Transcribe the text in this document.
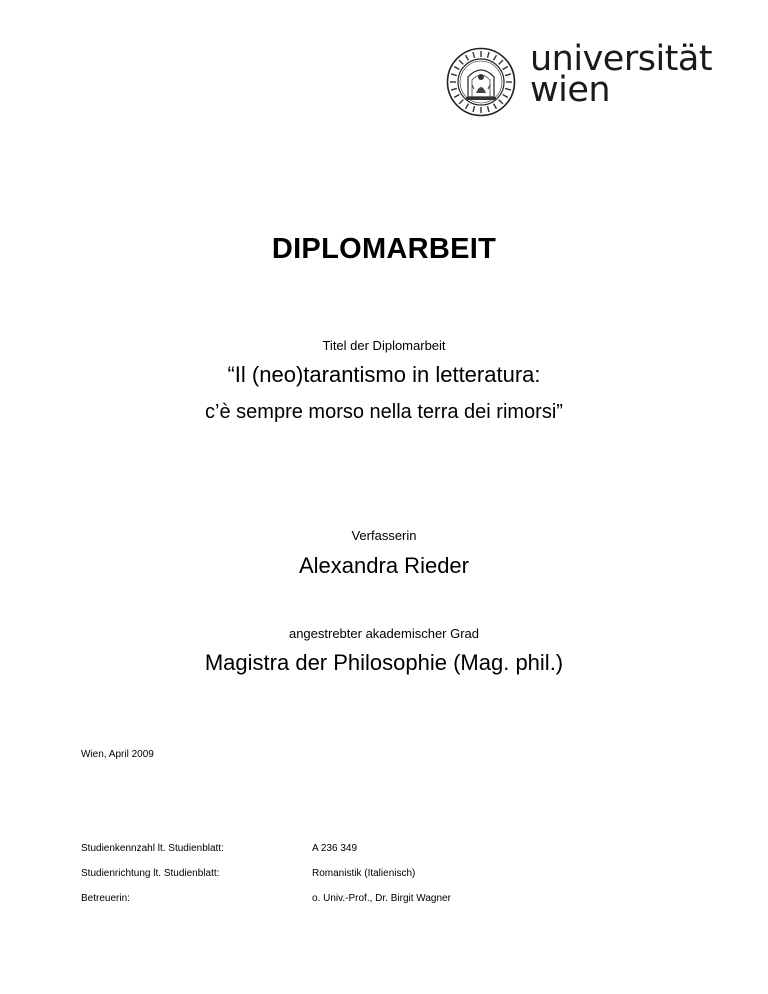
universität
wien
DIPLOMARBEIT
Titel der Diplomarbeit
“Il (neo)tarantismo in letteratura:
c’è sempre morso nella terra dei rimorsi”
Verfasserin
Alexandra Rieder
angestrebter akademischer Grad
Magistra der Philosophie (Mag. phil.)
Wien, April 2009
Studienkennzahl lt. Studienblatt:	A 236 349
Studienrichtung lt. Studienblatt:	Romanistik (Italienisch)
Betreuerin:	o. Univ.-Prof., Dr. Birgit Wagner
